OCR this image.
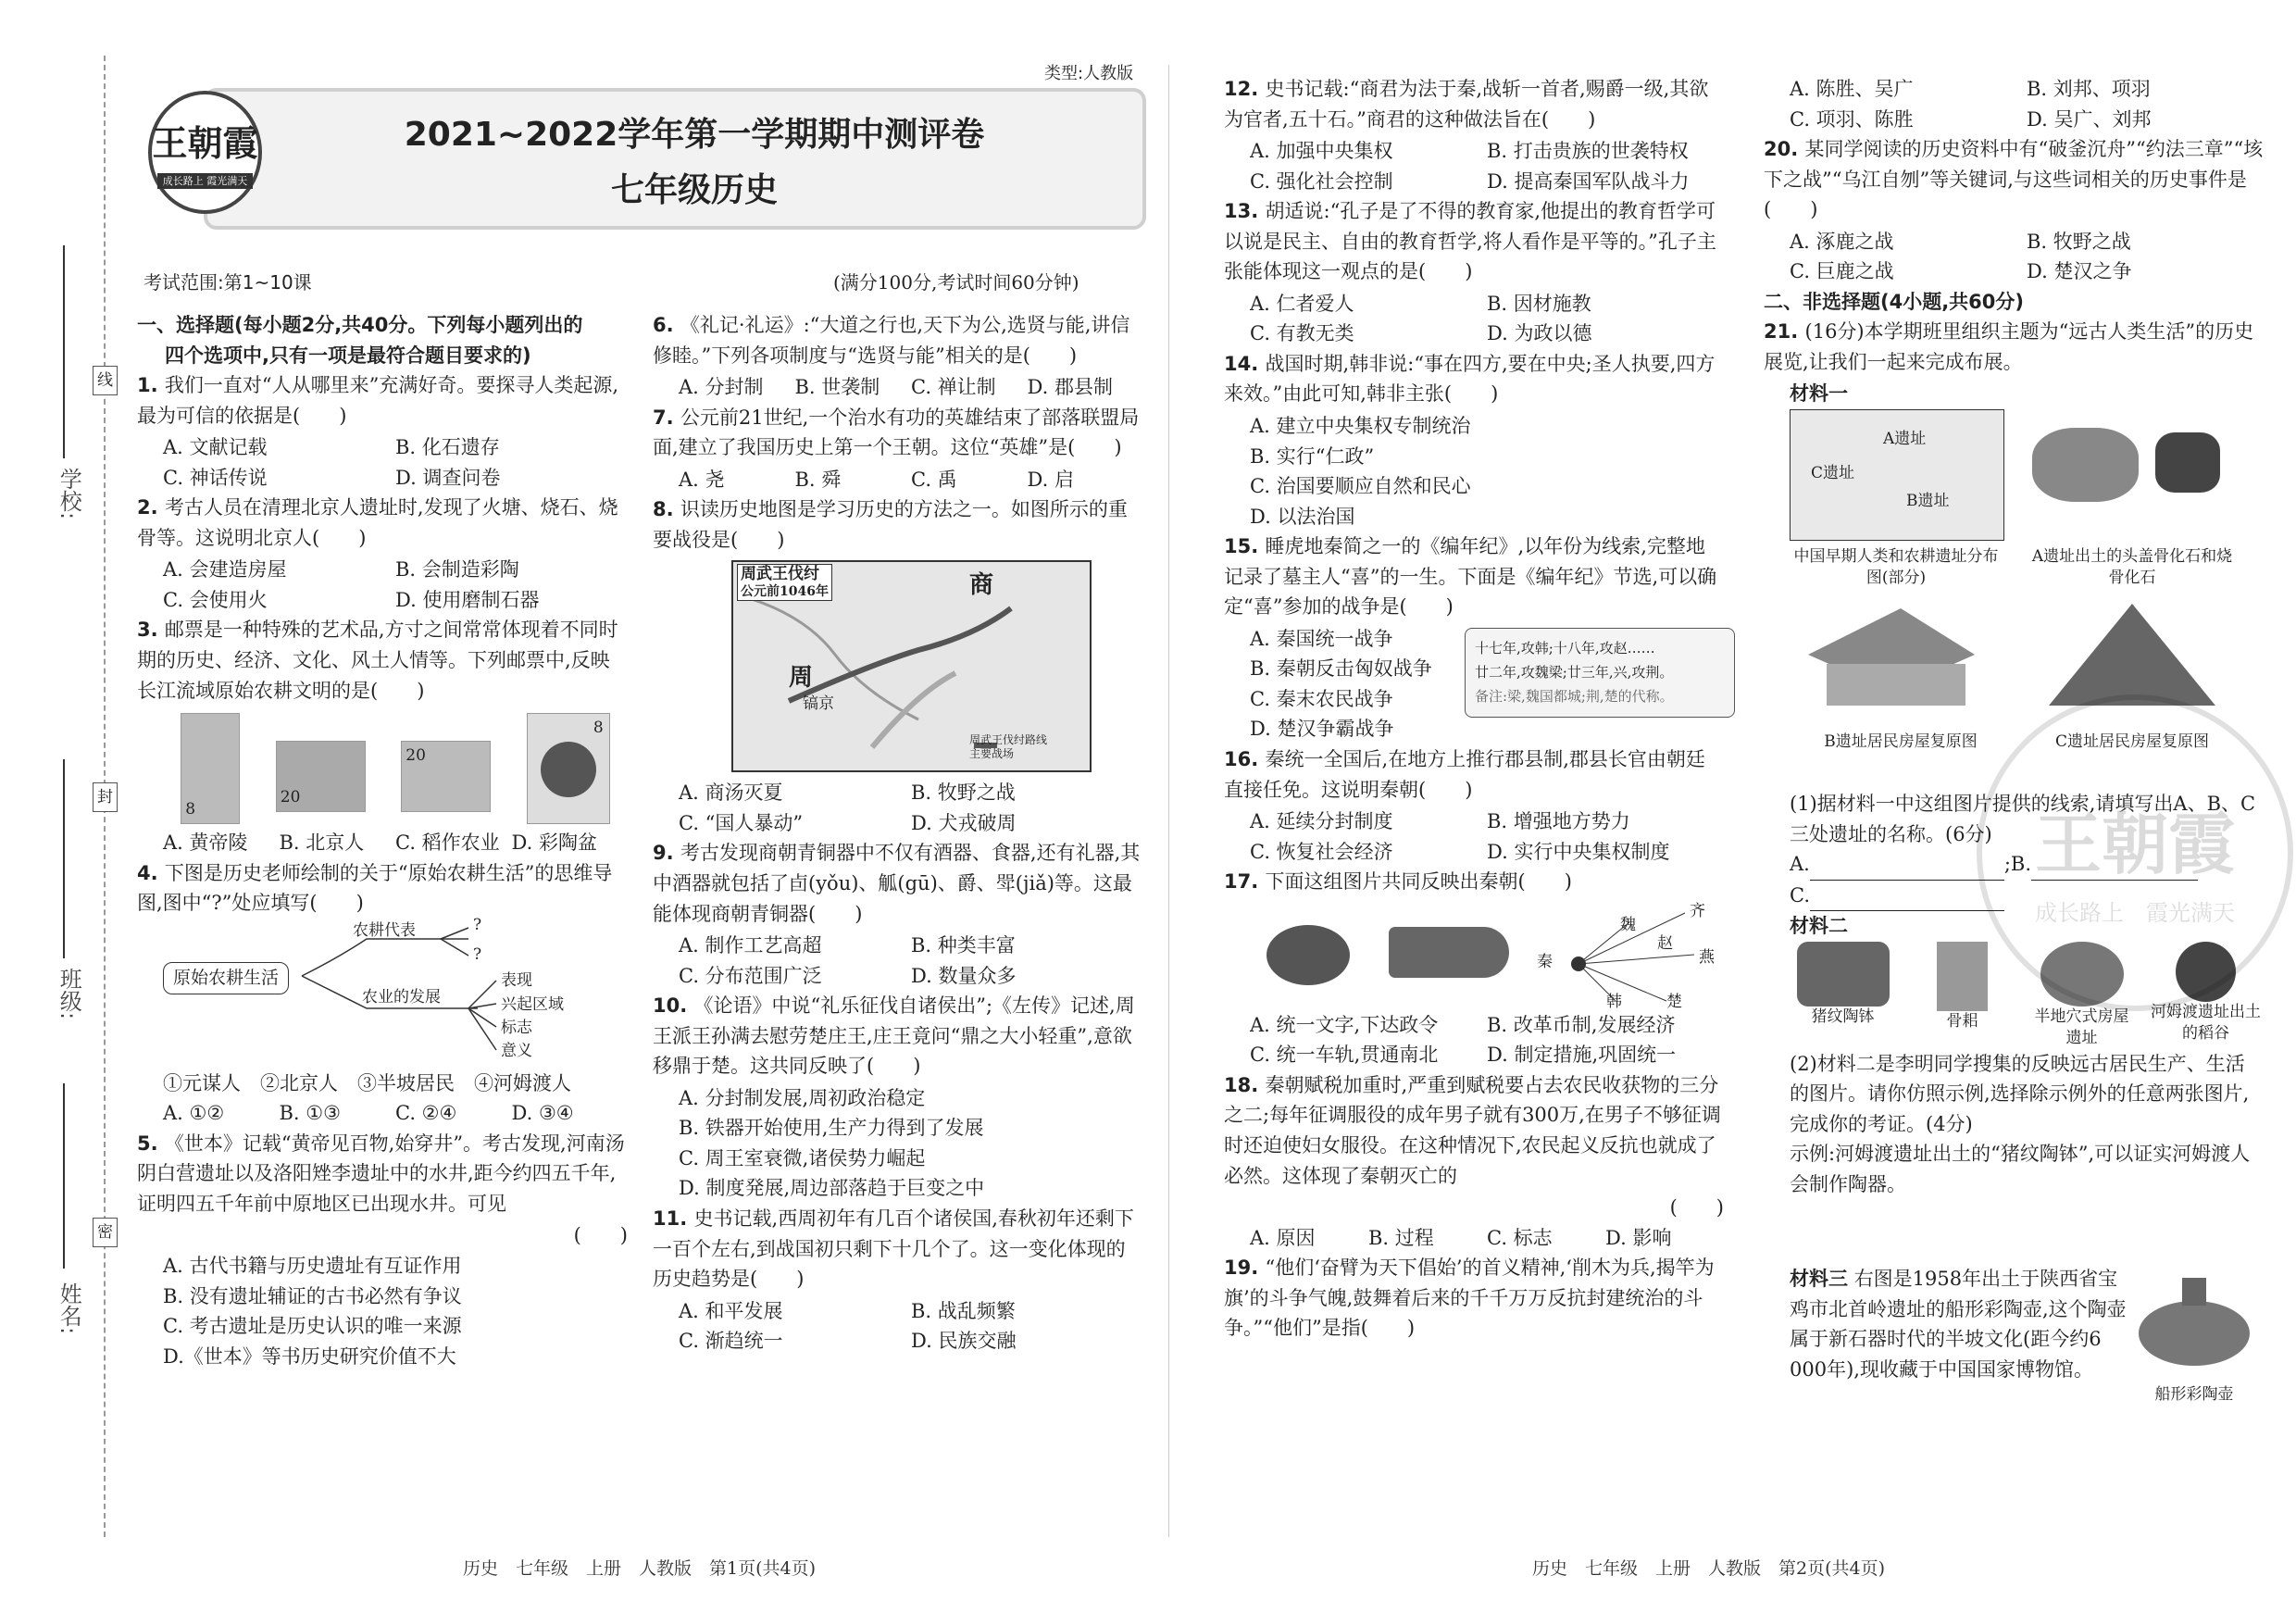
学校:
班级:
姓名:
线
封
密
类型:人教版
王朝霞
成长路上 霞光满天
2021~2022学年第一学期期中测评卷
七年级历史
考试范围:第1~10课	(满分100分,考试时间60分钟)
一、选择题(每小题2分,共40分。下列每小题列出的
四个选项中,只有一项是最符合题目要求的)
1. 我们一直对“人从哪里来”充满好奇。要探寻人类起源,最为可信的依据是(　　)
A. 文献记载	B. 化石遗存
C. 神话传说	D. 调查问卷
2. 考古人员在清理北京人遗址时,发现了火塘、烧石、烧骨等。这说明北京人(　　)
A. 会建造房屋	B. 会制造彩陶
C. 会使用火	D. 使用磨制石器
3. 邮票是一种特殊的艺术品,方寸之间常常体现着不同时期的历史、经济、文化、风土人情等。下列邮票中,反映长江流域原始农耕文明的是(　　)
8
20
20
8
A. 黄帝陵	B. 北京人	C. 稻作农业 D. 彩陶盆
4. 下图是历史老师绘制的关于“原始农耕生活”的思维导图,图中“?”处应填写(　　)
原始农耕生活
农耕代表	?
?
农业的发展
表现
兴起区域
标志
意义
①元谋人　②北京人　③半坡居民　④河姆渡人
A. ①②	B. ①③	C. ②④	D. ③④
5. 《世本》记载“黄帝见百物,始穿井”。考古发现,河南汤阴白营遗址以及洛阳矬李遗址中的水井,距今约四五千年,证明四五千年前中原地区已出现水井。可见
(　　)
A. 古代书籍与历史遗址有互证作用
B. 没有遗址辅证的古书必然有争议
C. 考古遗址是历史认识的唯一来源
D.《世本》等书历史研究价值不大
6. 《礼记·礼运》:“大道之行也,天下为公,选贤与能,讲信修睦。”下列各项制度与“选贤与能”相关的是(　　)
A. 分封制	B. 世袭制	C. 禅让制	D. 郡县制
7. 公元前21世纪,一个治水有功的英雄结束了部落联盟局面,建立了我国历史上第一个王朝。这位“英雄”是(　　)
A. 尧	B. 舜	C. 禹	D. 启
8. 识读历史地图是学习历史的方法之一。如图所示的重要战役是(　　)
周武王伐纣
公元前1046年	商
周
镐京
周武王伐纣路线
主要战场
A. 商汤灭夏	B. 牧野之战
C. “国人暴动”	D. 犬戎破周
9. 考古发现商朝青铜器中不仅有酒器、食器,还有礼器,其中酒器就包括了卣(yǒu)、觚(gū)、爵、斝(jiǎ)等。这最能体现商朝青铜器(　　)
A. 制作工艺高超	B. 种类丰富
C. 分布范围广泛	D. 数量众多
10. 《论语》中说“礼乐征伐自诸侯出”;《左传》记述,周王派王孙满去慰劳楚庄王,庄王竟问“鼎之大小轻重”,意欲移鼎于楚。这共同反映了(　　)
A. 分封制发展,周初政治稳定
B. 铁器开始使用,生产力得到了发展
C. 周王室衰微,诸侯势力崛起
D. 制度発展,周边部落趋于巨变之中
11. 史书记载,西周初年有几百个诸侯国,春秋初年还剩下一百个左右,到战国初只剩下十几个了。这一变化体现的历史趋势是(　　)
A. 和平发展	B. 战乱频繁
C. 渐趋统一	D. 民族交融
12. 史书记载:“商君为法于秦,战斩一首者,赐爵一级,其欲为官者,五十石。”商君的这种做法旨在(　　)
A. 加强中央集权	B. 打击贵族的世袭特权
C. 强化社会控制	D. 提高秦国军队战斗力
13. 胡适说:“孔子是了不得的教育家,他提出的教育哲学可以说是民主、自由的教育哲学,将人看作是平等的。”孔子主张能体现这一观点的是(　　)
A. 仁者爱人	B. 因材施教
C. 有教无类	D. 为政以德
14. 战国时期,韩非说:“事在四方,要在中央;圣人执要,四方来效。”由此可知,韩非主张(　　)
A. 建立中央集权专制统治
B. 实行“仁政”
C. 治国要顺应自然和民心
D. 以法治国
15. 睡虎地秦简之一的《编年纪》,以年份为线索,完整地记录了墓主人“喜”的一生。下面是《编年纪》节选,可以确定“喜”参加的战争是(　　)
A. 秦国统一战争
B. 秦朝反击匈奴战争
C. 秦末农民战争
D. 楚汉争霸战争
十七年,攻韩;十八年,攻赵……
廿二年,攻魏梁;廿三年,兴,攻荆。
备注:梁,魏国都城;荆,楚的代称。
16. 秦统一全国后,在地方上推行郡县制,郡县长官由朝廷直接任免。这说明秦朝(　　)
A. 延续分封制度	B. 增强地方势力
C. 恢复社会经济	D. 实行中央集权制度
17. 下面这组图片共同反映出秦朝(　　)
秦
齐
燕
韩	楚
魏
赵
A. 统一文字,下达政令	B. 改革币制,发展经济
C. 统一车轨,贯通南北	D. 制定措施,巩固统一
18. 秦朝赋税加重时,严重到赋税要占去农民收获物的三分之二;每年征调服役的成年男子就有300万,在男子不够征调时还迫使妇女服役。在这种情况下,农民起义反抗也就成了必然。这体现了秦朝灭亡的
(　　)
A. 原因	B. 过程	C. 标志	D. 影响
19. “他们‘奋臂为天下倡始’的首义精神,‘削木为兵,揭竿为旗’的斗争气魄,鼓舞着后来的千千万万反抗封建统治的斗争。”“他们”是指(　　)
A. 陈胜、吴广	B. 刘邦、项羽
C. 项羽、陈胜	D. 吴广、刘邦
20. 某同学阅读的历史资料中有“破釜沉舟”“约法三章”“垓下之战”“乌江自刎”等关键词,与这些词相关的历史事件是(　　)
A. 涿鹿之战	B. 牧野之战
C. 巨鹿之战	D. 楚汉之争
二、非选择题(4小题,共60分)
21. (16分)本学期班里组织主题为“远古人类生活”的历史展览,让我们一起来完成布展。
材料一
A遗址
C遗址
B遗址
中国早期人类和农耕遗址分布图(部分)
A遗址出土的头盖骨化石和烧骨化石
B遗址居民房屋复原图	C遗址居民房屋复原图
(1)据材料一中这组图片提供的线索,请填写出A、B、C三处遗址的名称。(6分)
A.	;B.
C.
材料二
猪纹陶钵	骨耜	半地穴式房屋遗址
河姆渡遗址出土的稻谷
(2)材料二是李明同学搜集的反映远古居民生产、生活的图片。请你仿照示例,选择除示例外的任意两张图片,完成你的考证。(4分)
示例:河姆渡遗址出土的“猪纹陶钵”,可以证实河姆渡人会制作陶器。
材料三 右图是1958年出土于陕西省宝鸡市北首岭遗址的船形彩陶壶,这个陶壶属于新石器时代的半坡文化(距今约6 000年),现收藏于中国国家博物馆。
船形彩陶壶
王朝霞
成长路上　 霞光满天
历史　七年级　上册　人教版　第1页(共4页)	历史　七年级　上册　人教版　第2页(共4页)
